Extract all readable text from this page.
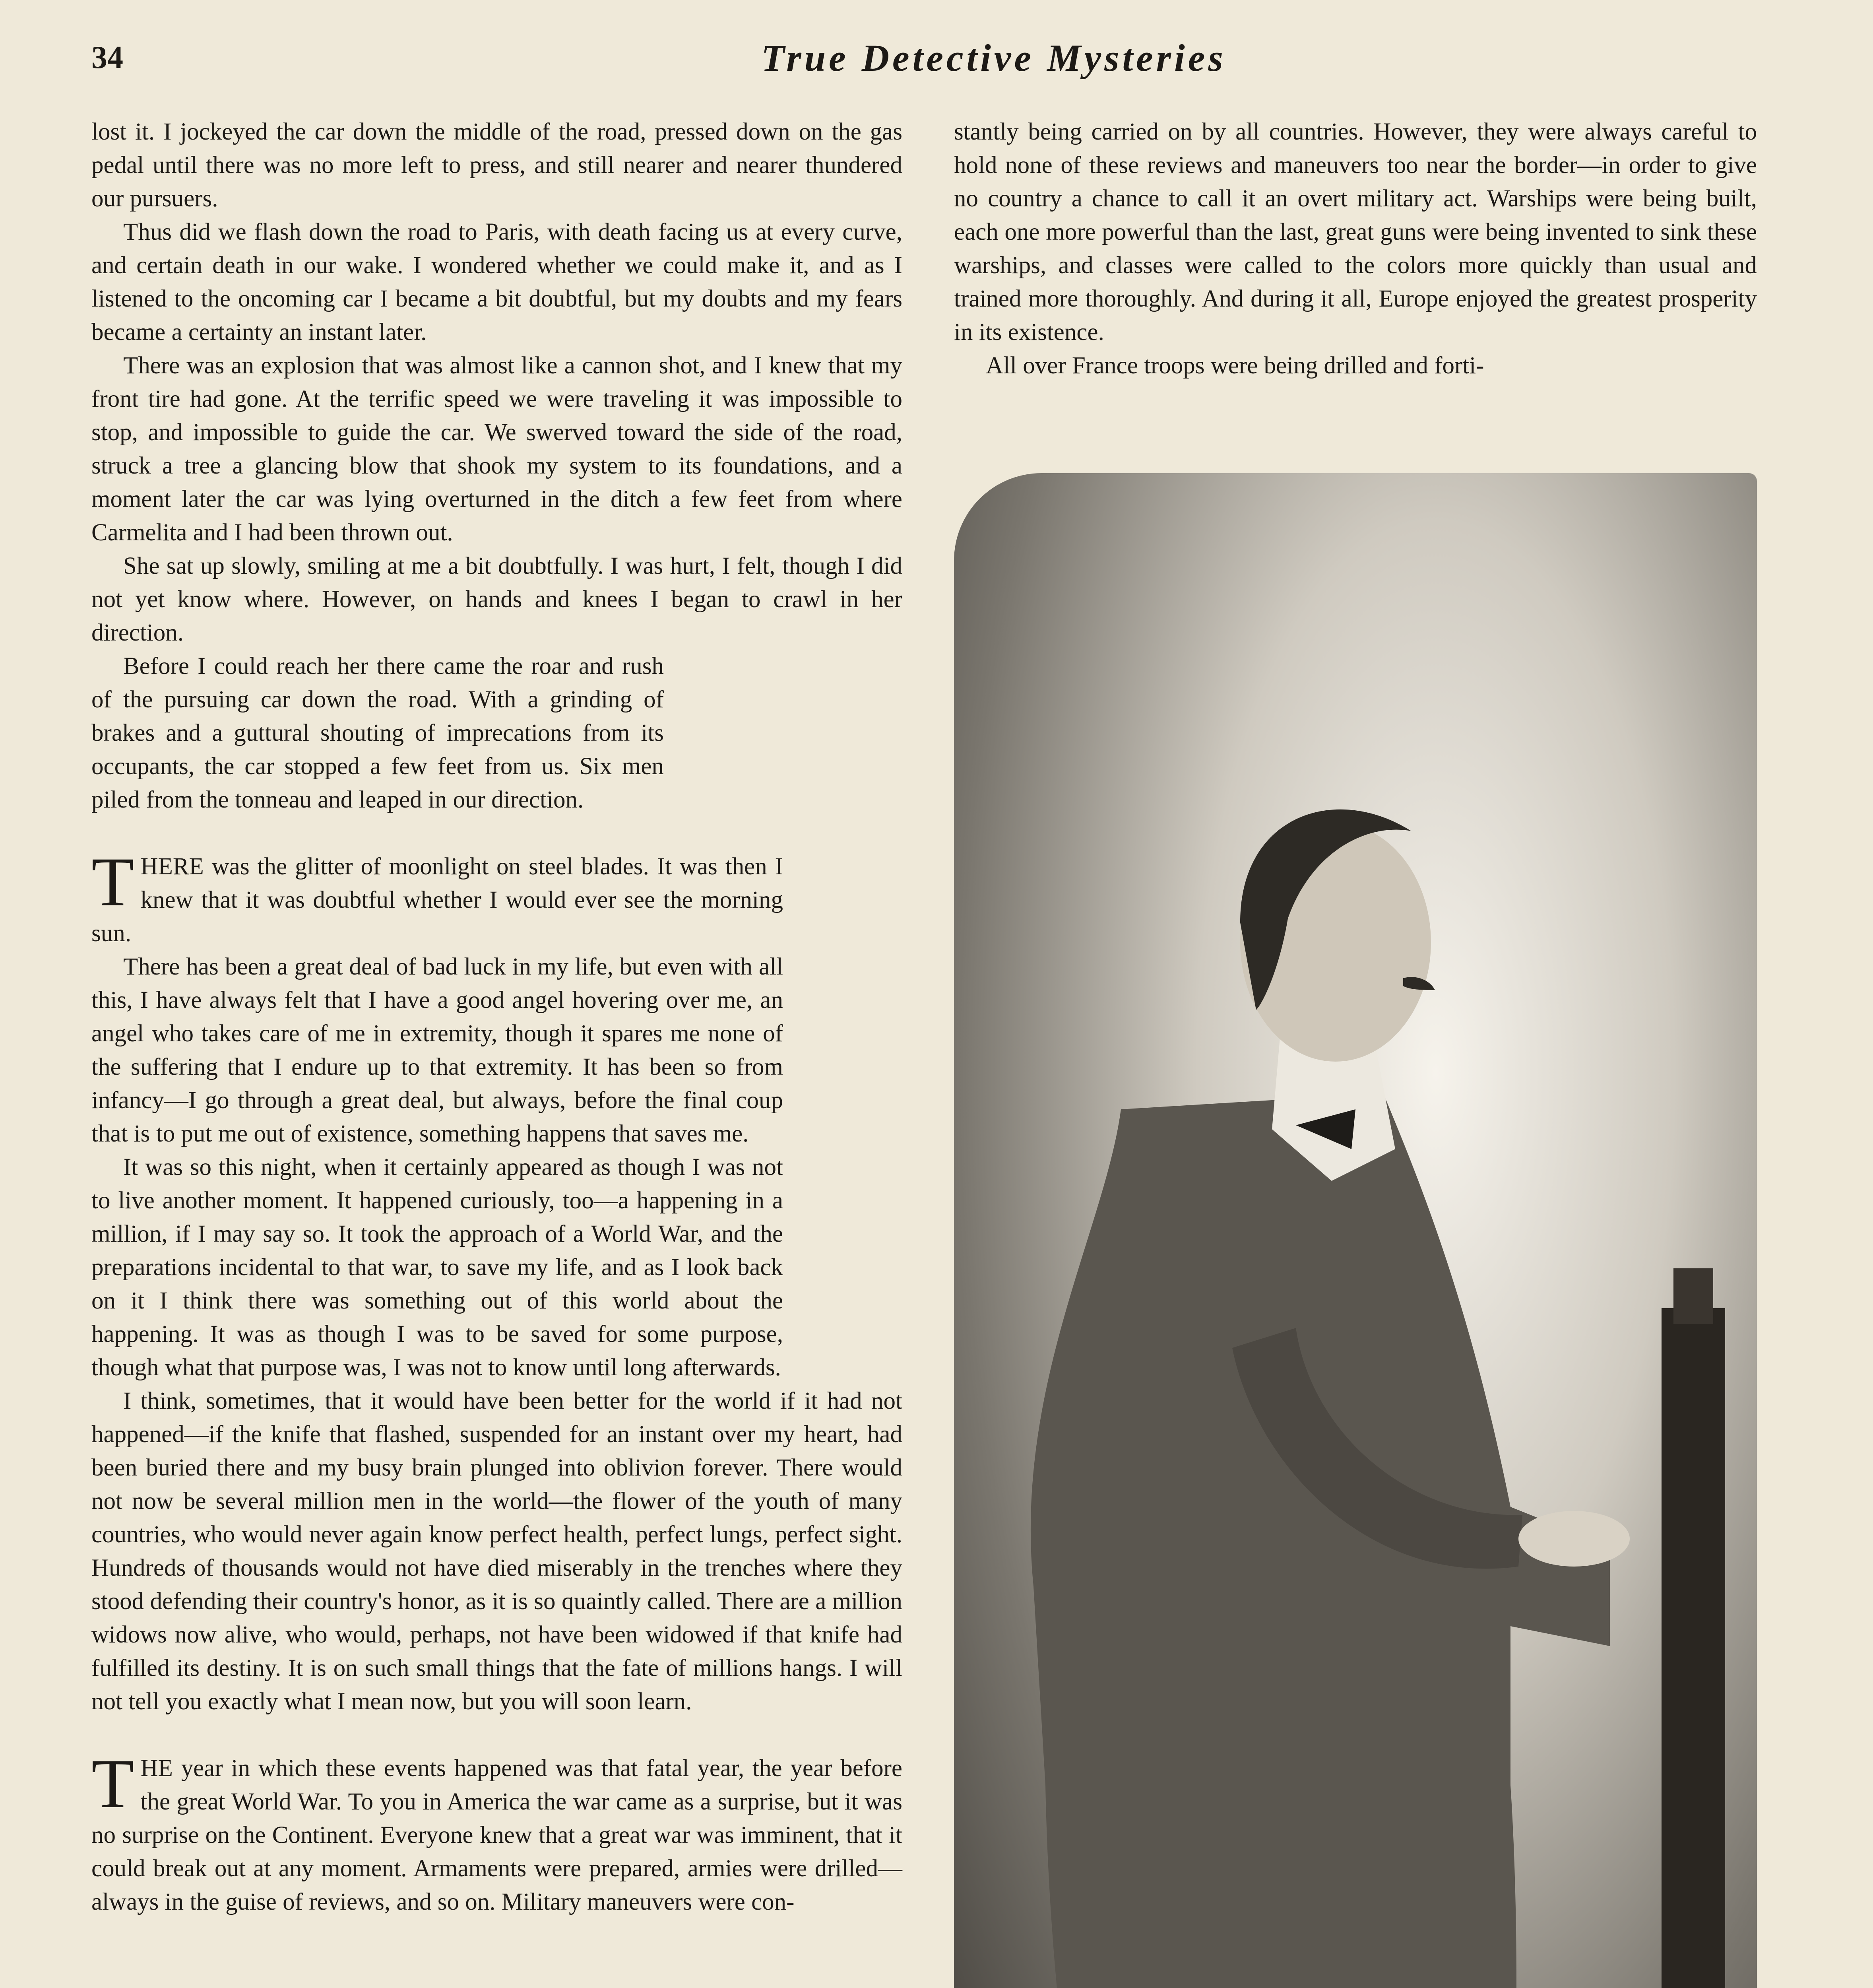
34	True Detective Mysteries

lost it. I jockeyed the car down the middle of the road, pressed down on the gas pedal until there was no more left to press, and still nearer and nearer thundered our pursuers.

Thus did we flash down the road to Paris, with death facing us at every curve, and certain death in our wake. I wondered whether we could make it, and as I listened to the oncoming car I became a bit doubtful, but my doubts and my fears became a certainty an instant later.

There was an explosion that was almost like a cannon shot, and I knew that my front tire had gone. At the terrific speed we were traveling it was impossible to stop, and impossible to guide the car. We swerved toward the side of the road, struck a tree a glancing blow that shook my system to its foundations, and a moment later the car was lying overturned in the ditch a few feet from where Carmelita and I had been thrown out.

She sat up slowly, smiling at me a bit doubtfully. I was hurt, I felt, though I did not yet know where. However, on hands and knees I began to crawl in her direction.

Before I could reach her there came the roar and rush of the pursuing car down the road. With a grinding of brakes and a guttural shouting of imprecations from its occupants, the car stopped a few feet from us. Six men piled from the tonneau and leaped in our direction.

THERE was the glitter of moonlight on steel blades. It was then I knew that it was doubtful whether I would ever see the morning sun.

There has been a great deal of bad luck in my life, but even with all this, I have always felt that I have a good angel hovering over me, an angel who takes care of me in extremity, though it spares me none of the suffering that I endure up to that extremity. It has been so from infancy—I go through a great deal, but always, before the final coup that is to put me out of existence, something happens that saves me.

It was so this night, when it certainly appeared as though I was not to live another moment. It happened curiously, too—a happening in a million, if I may say so. It took the approach of a World War, and the preparations incidental to that war, to save my life, and as I look back on it I think there was something out of this world about the happening. It was as though I was to be saved for some purpose, though what that purpose was, I was not to know until long afterwards.

I think, sometimes, that it would have been better for the world if it had not happened—if the knife that flashed, suspended for an instant over my heart, had been buried there and my busy brain plunged into oblivion forever. There would not now be several million men in the world—the flower of the youth of many countries, who would never again know perfect health, perfect lungs, perfect sight. Hundreds of thousands would not have died miserably in the trenches where they stood defending their country's honor, as it is so quaintly called. There are a million widows now alive, who would, perhaps, not have been widowed if that knife had fulfilled its destiny. It is on such small things that the fate of millions hangs. I will not tell you exactly what I mean now, but you will soon learn.

THE year in which these events happened was that fatal year, the year before the great World War. To you in America the war came as a surprise, but it was no surprise on the Continent. Everyone knew that a great war was imminent, that it could break out at any moment. Armaments were prepared, armies were drilled—always in the guise of reviews, and so on. Military maneuvers were con-

stantly being carried on by all countries. However, they were always careful to hold none of these reviews and maneuvers too near the border—in order to give no country a chance to call it an overt military act. Warships were being built, each one more powerful than the last, great guns were being invented to sink these warships, and classes were called to the colors more quickly than usual and trained more thoroughly. And during it all, Europe enjoyed the greatest prosperity in its existence.

All over France troops were being drilled and forti-
